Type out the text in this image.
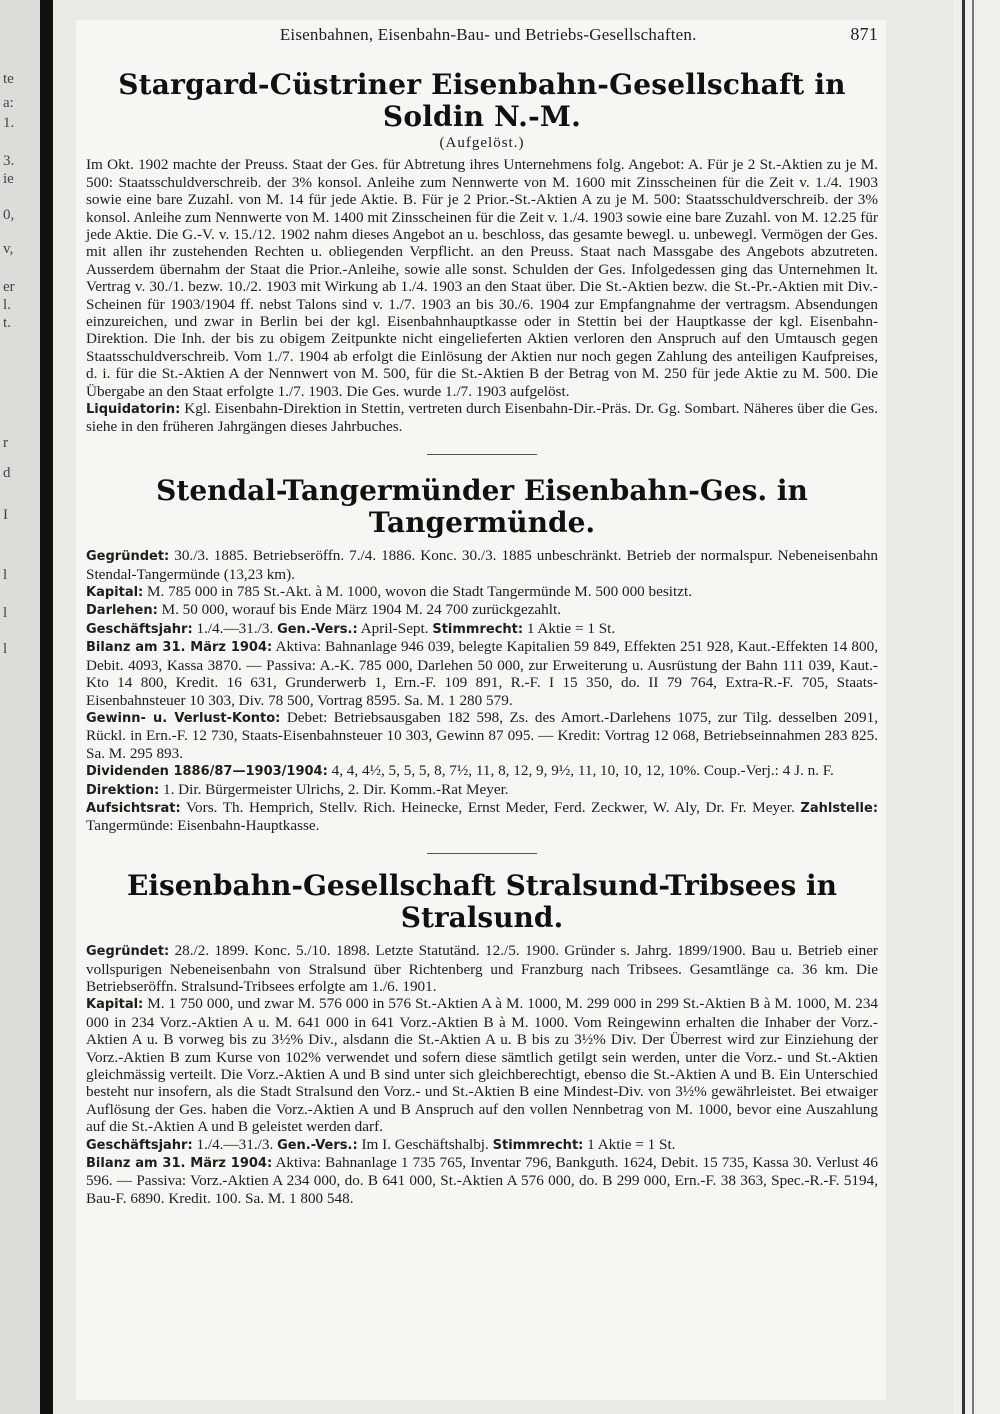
te
a:
1.
3.
ie
0,
v,
er
l.
t.
r
d
I
l
l
l
Eisenbahnen, Eisenbahn-Bau- und Betriebs-Gesellschaften.	871
Stargard-Cüstriner Eisenbahn-Gesellschaft in Soldin N.-M.
(Aufgelöst.)

Im Okt. 1902 machte der Preuss. Staat der Ges. für Abtretung ihres Unternehmens folg. Angebot: A. Für je 2 St.-Aktien zu je M. 500: Staatsschuldverschreib. der 3% konsol. Anleihe zum Nennwerte von M. 1600 mit Zinsscheinen für die Zeit v. 1./4. 1903 sowie eine bare Zuzahl. von M. 14 für jede Aktie. B. Für je 2 Prior.-St.-Aktien A zu je M. 500: Staatsschuldverschreib. der 3% konsol. Anleihe zum Nennwerte von M. 1400 mit Zinsscheinen für die Zeit v. 1./4. 1903 sowie eine bare Zuzahl. von M. 12.25 für jede Aktie. Die G.-V. v. 15./12. 1902 nahm dieses Angebot an u. beschloss, das gesamte bewegl. u. unbewegl. Vermögen der Ges. mit allen ihr zustehenden Rechten u. obliegenden Verpflicht. an den Preuss. Staat nach Massgabe des Angebots abzutreten. Ausserdem übernahm der Staat die Prior.-Anleihe, sowie alle sonst. Schulden der Ges. Infolgedessen ging das Unternehmen lt. Vertrag v. 30./1. bezw. 10./2. 1903 mit Wirkung ab 1./4. 1903 an den Staat über. Die St.-Aktien bezw. die St.-Pr.-Aktien mit Div.-Scheinen für 1903/1904 ff. nebst Talons sind v. 1./7. 1903 an bis 30./6. 1904 zur Empfangnahme der vertragsm. Absendungen einzureichen, und zwar in Berlin bei der kgl. Eisenbahnhauptkasse oder in Stettin bei der Hauptkasse der kgl. Eisenbahn-Direktion. Die Inh. der bis zu obigem Zeitpunkte nicht eingelieferten Aktien verloren den Anspruch auf den Umtausch gegen Staatsschuldverschreib. Vom 1./7. 1904 ab erfolgt die Einlösung der Aktien nur noch gegen Zahlung des anteiligen Kaufpreises, d. i. für die St.-Aktien A der Nennwert von M. 500, für die St.-Aktien B der Betrag von M. 250 für jede Aktie zu M. 500. Die Übergabe an den Staat erfolgte 1./7. 1903. Die Ges. wurde 1./7. 1903 aufgelöst.

Liquidatorin: Kgl. Eisenbahn-Direktion in Stettin, vertreten durch Eisenbahn-Dir.-Präs. Dr. Gg. Sombart. Näheres über die Ges. siehe in den früheren Jahrgängen dieses Jahrbuches.

Stendal-Tangermünder Eisenbahn-Ges. in Tangermünde.

Gegründet: 30./3. 1885. Betriebseröffn. 7./4. 1886. Konc. 30./3. 1885 unbeschränkt. Betrieb der normalspur. Nebeneisenbahn Stendal-Tangermünde (13,23 km).

Kapital: M. 785 000 in 785 St.-Akt. à M. 1000, wovon die Stadt Tangermünde M. 500 000 besitzt.

Darlehen: M. 50 000, worauf bis Ende März 1904 M. 24 700 zurückgezahlt.

Geschäftsjahr: 1./4.—31./3. Gen.-Vers.: April-Sept. Stimmrecht: 1 Aktie = 1 St.

Bilanz am 31. März 1904: Aktiva: Bahnanlage 946 039, belegte Kapitalien 59 849, Effekten 251 928, Kaut.-Effekten 14 800, Debit. 4093, Kassa 3870. — Passiva: A.-K. 785 000, Darlehen 50 000, zur Erweiterung u. Ausrüstung der Bahn 111 039, Kaut.-Kto 14 800, Kredit. 16 631, Grunderwerb 1, Ern.-F. 109 891, R.-F. I 15 350, do. II 79 764, Extra-R.-F. 705, Staats-Eisenbahnsteuer 10 303, Div. 78 500, Vortrag 8595. Sa. M. 1 280 579.

Gewinn- u. Verlust-Konto: Debet: Betriebsausgaben 182 598, Zs. des Amort.-Darlehens 1075, zur Tilg. desselben 2091, Rückl. in Ern.-F. 12 730, Staats-Eisenbahnsteuer 10 303, Gewinn 87 095. — Kredit: Vortrag 12 068, Betriebseinnahmen 283 825. Sa. M. 295 893.

Dividenden 1886/87—1903/1904: 4, 4, 4½, 5, 5, 5, 8, 7½, 11, 8, 12, 9, 9½, 11, 10, 10, 12, 10%. Coup.-Verj.: 4 J. n. F.

Direktion: 1. Dir. Bürgermeister Ulrichs, 2. Dir. Komm.-Rat Meyer.

Aufsichtsrat: Vors. Th. Hemprich, Stellv. Rich. Heinecke, Ernst Meder, Ferd. Zeckwer, W. Aly, Dr. Fr. Meyer. Zahlstelle: Tangermünde: Eisenbahn-Hauptkasse.

Eisenbahn-Gesellschaft Stralsund-Tribsees in Stralsund.

Gegründet: 28./2. 1899. Konc. 5./10. 1898. Letzte Statutänd. 12./5. 1900. Gründer s. Jahrg. 1899/1900. Bau u. Betrieb einer vollspurigen Nebeneisenbahn von Stralsund über Richtenberg und Franzburg nach Tribsees. Gesamtlänge ca. 36 km. Die Betriebseröffn. Stralsund-Tribsees erfolgte am 1./6. 1901.

Kapital: M. 1 750 000, und zwar M. 576 000 in 576 St.-Aktien A à M. 1000, M. 299 000 in 299 St.-Aktien B à M. 1000, M. 234 000 in 234 Vorz.-Aktien A u. M. 641 000 in 641 Vorz.-Aktien B à M. 1000. Vom Reingewinn erhalten die Inhaber der Vorz.-Aktien A u. B vorweg bis zu 3½% Div., alsdann die St.-Aktien A u. B bis zu 3½% Div. Der Überrest wird zur Einziehung der Vorz.-Aktien B zum Kurse von 102% verwendet und sofern diese sämtlich getilgt sein werden, unter die Vorz.- und St.-Aktien gleichmässig verteilt. Die Vorz.-Aktien A und B sind unter sich gleichberechtigt, ebenso die St.-Aktien A und B. Ein Unterschied besteht nur insofern, als die Stadt Stralsund den Vorz.- und St.-Aktien B eine Mindest-Div. von 3½% gewährleistet. Bei etwaiger Auflösung der Ges. haben die Vorz.-Aktien A und B Anspruch auf den vollen Nennbetrag von M. 1000, bevor eine Auszahlung auf die St.-Aktien A und B geleistet werden darf.

Geschäftsjahr: 1./4.—31./3. Gen.-Vers.: Im I. Geschäftshalbj. Stimmrecht: 1 Aktie = 1 St.

Bilanz am 31. März 1904: Aktiva: Bahnanlage 1 735 765, Inventar 796, Bankguth. 1624, Debit. 15 735, Kassa 30. Verlust 46 596. — Passiva: Vorz.-Aktien A 234 000, do. B 641 000, St.-Aktien A 576 000, do. B 299 000, Ern.-F. 38 363, Spec.-R.-F. 5194, Bau-F. 6890. Kredit. 100. Sa. M. 1 800 548.
